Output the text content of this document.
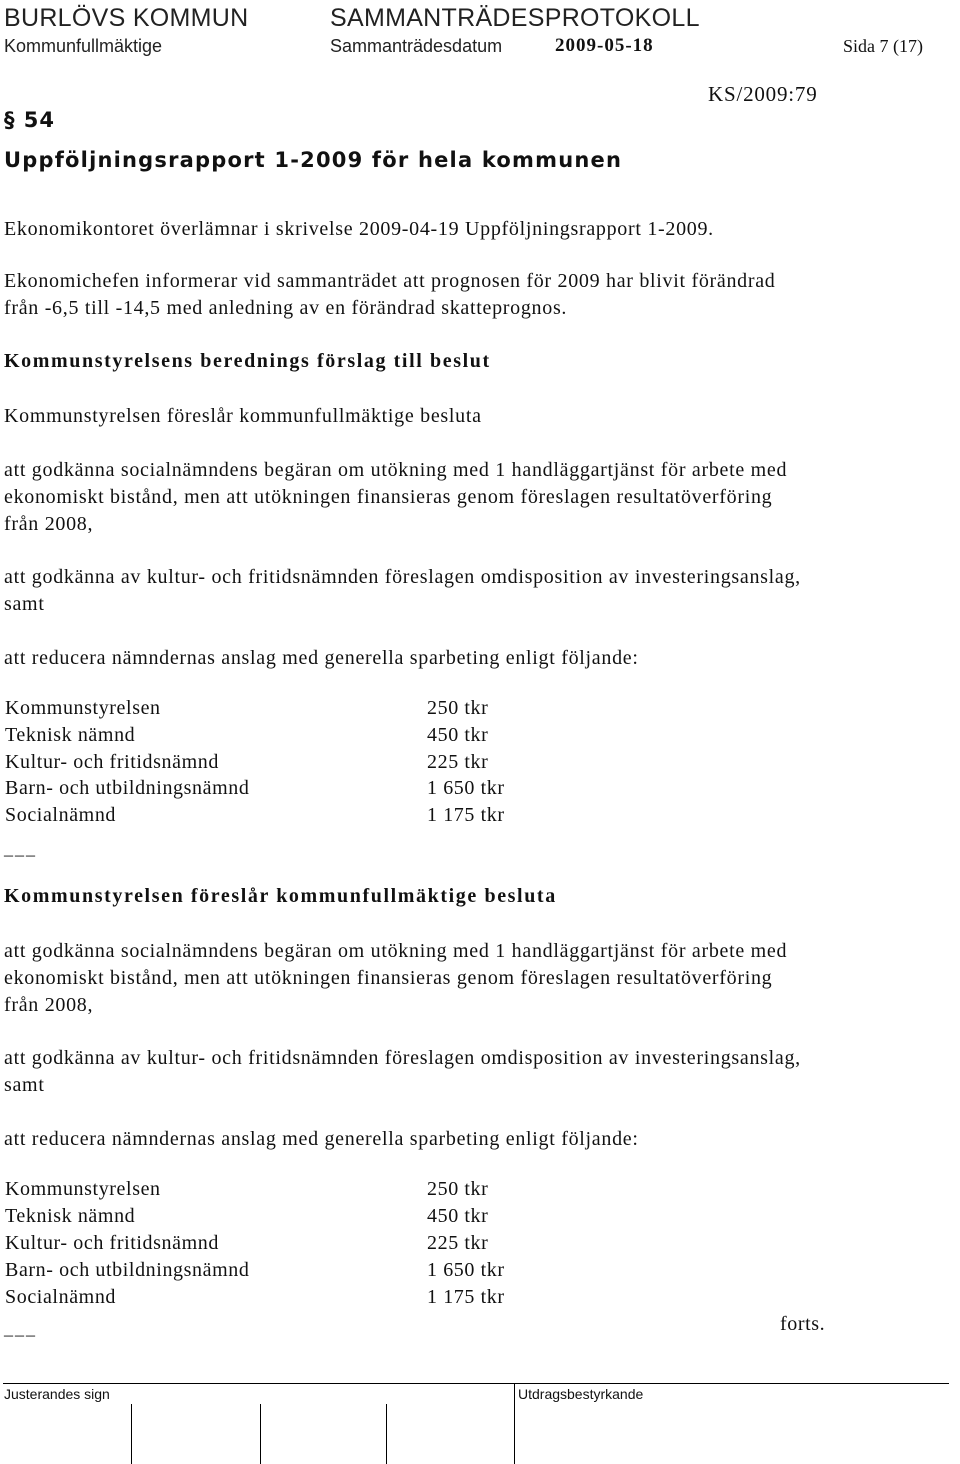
BURLÖVS KOMMUN	SAMMANTRÄDESPROTOKOLL
Kommunfullmäktige	Sammanträdesdatum	2009-05-18	Sida 7 (17)
KS/2009:79
§ 54
Uppföljningsrapport 1-2009 för hela kommunen
Ekonomikontoret överlämnar i skrivelse 2009-04-19 Uppföljningsrapport 1-2009.

Ekonomichefen informerar vid sammanträdet att prognosen för 2009 har blivit förändrad

från -6,5 till -14,5 med anledning av en förändrad skatteprognos.

Kommunstyrelsens berednings förslag till beslut
Kommunstyrelsen föreslår kommunfullmäktige besluta

att godkänna socialnämndens begäran om utökning med 1 handläggartjänst för arbete med

ekonomiskt bistånd, men att utökningen finansieras genom föreslagen resultatöverföring

från 2008,

att godkänna av kultur- och fritidsnämnden föreslagen omdisposition av investeringsanslag,

samt

att reducera nämndernas anslag med generella sparbeting enligt följande:
Kommunstyrelsen	250 tkr
Teknisk nämnd	450 tkr
Kultur- och fritidsnämnd	225 tkr
Barn- och utbildningsnämnd	1 650 tkr
Socialnämnd	1 175 tkr
___
Kommunstyrelsen föreslår kommunfullmäktige besluta

att godkänna socialnämndens begäran om utökning med 1 handläggartjänst för arbete med

ekonomiskt bistånd, men att utökningen finansieras genom föreslagen resultatöverföring

från 2008,

att godkänna av kultur- och fritidsnämnden föreslagen omdisposition av investeringsanslag,

samt

att reducera nämndernas anslag med generella sparbeting enligt följande:
Kommunstyrelsen	250 tkr
Teknisk nämnd	450 tkr
Kultur- och fritidsnämnd	225 tkr
Barn- och utbildningsnämnd	1 650 tkr
Socialnämnd	1 175 tkr
___	forts.
Justerandes sign	Utdragsbestyrkande
